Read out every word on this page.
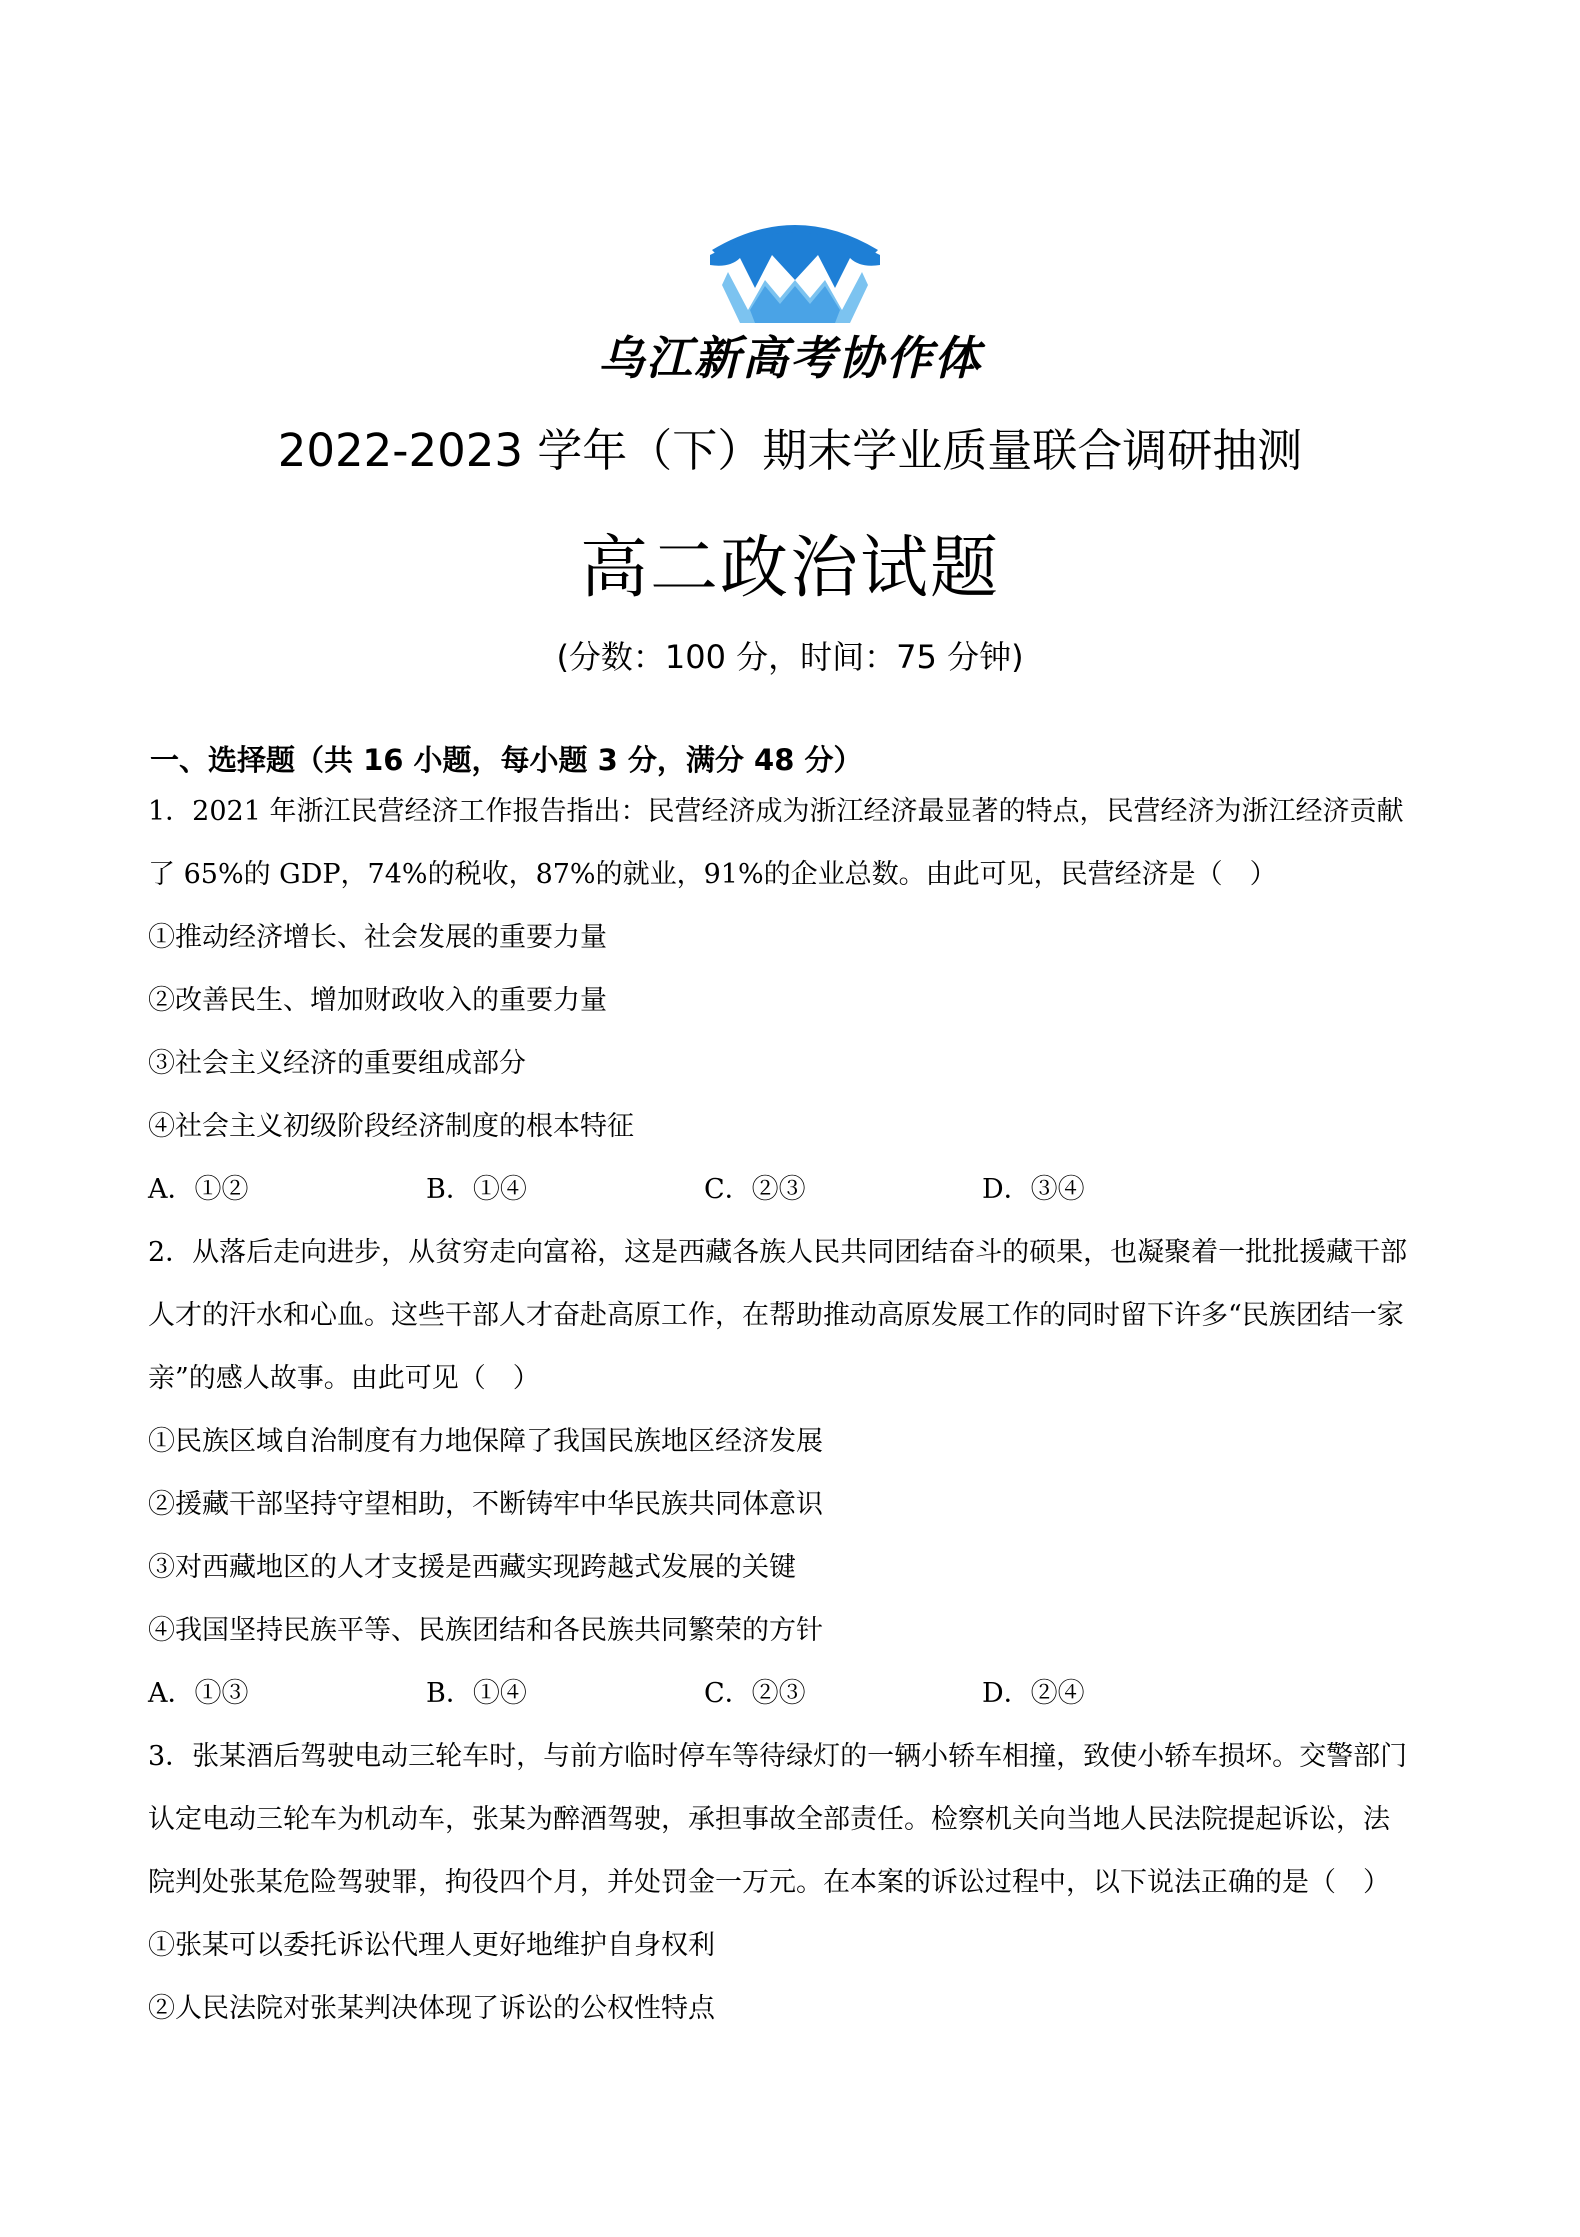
乌江新高考协作体
2022-2023 学年（下）期末学业质量联合调研抽测
高二政治试题
(分数：100 分，时间：75 分钟)
一、选择题（共 16 小题，每小题 3 分，满分 48 分）
1．2021 年浙江民营经济工作报告指出：民营经济成为浙江经济最显著的特点，民营经济为浙江经济贡献
了 65%的 GDP，74%的税收，87%的就业，91%的企业总数。由此可见，民营经济是（　）
①推动经济增长、社会发展的重要力量
②改善民生、增加财政收入的重要力量
③社会主义经济的重要组成部分
④社会主义初级阶段经济制度的根本特征
A．①②	B．①④	C．②③	D．③④
2．从落后走向进步，从贫穷走向富裕，这是西藏各族人民共同团结奋斗的硕果，也凝聚着一批批援藏干部
人才的汗水和心血。这些干部人才奋赴高原工作，在帮助推动高原发展工作的同时留下许多“民族团结一家
亲”的感人故事。由此可见（　）
①民族区域自治制度有力地保障了我国民族地区经济发展
②援藏干部坚持守望相助，不断铸牢中华民族共同体意识
③对西藏地区的人才支援是西藏实现跨越式发展的关键
④我国坚持民族平等、民族团结和各民族共同繁荣的方针
A．①③	B．①④	C．②③	D．②④
3．张某酒后驾驶电动三轮车时，与前方临时停车等待绿灯的一辆小轿车相撞，致使小轿车损坏。交警部门
认定电动三轮车为机动车，张某为醉酒驾驶，承担事故全部责任。检察机关向当地人民法院提起诉讼，法
院判处张某危险驾驶罪，拘役四个月，并处罚金一万元。在本案的诉讼过程中，以下说法正确的是（　）
①张某可以委托诉讼代理人更好地维护自身权利
②人民法院对张某判决体现了诉讼的公权性特点
